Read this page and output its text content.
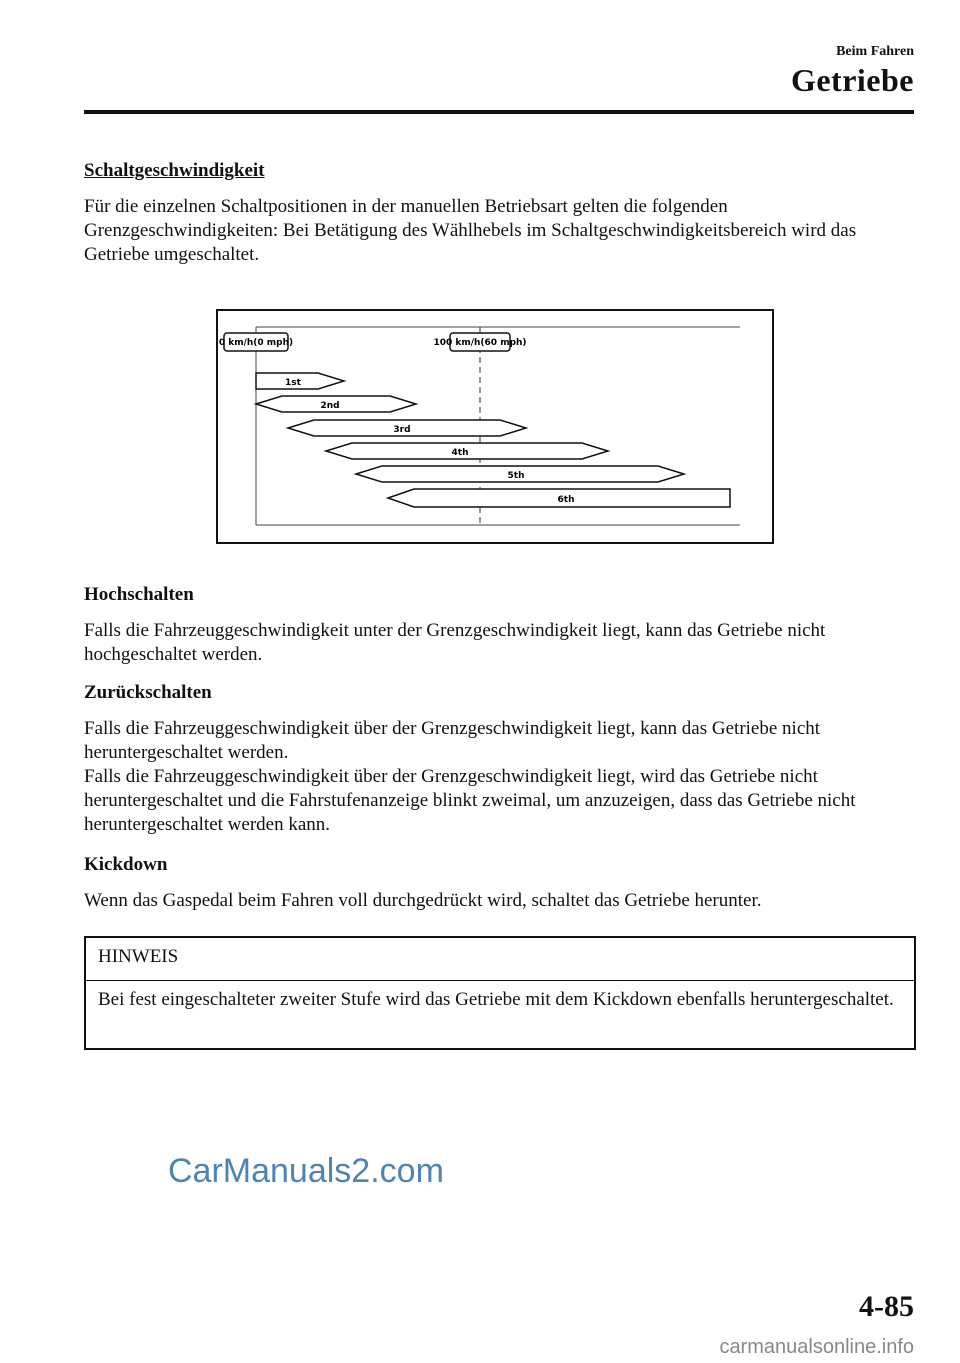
Beim Fahren
Getriebe
Schaltgeschwindigkeit
Für die einzelnen Schaltpositionen in der manuellen Betriebsart gelten die folgenden Grenzgeschwindigkeiten: Bei Betätigung des Wählhebels im Schaltgeschwindigkeitsbereich wird das Getriebe umgeschaltet.
0 km/h(0 mph)	100 km/h(60 mph)
1st
2nd
3rd
4th
5th
6th
Hochschalten
Falls die Fahrzeuggeschwindigkeit unter der Grenzgeschwindigkeit liegt, kann das Getriebe nicht hochgeschaltet werden.
Zurückschalten
Falls die Fahrzeuggeschwindigkeit über der Grenzgeschwindigkeit liegt, kann das Getriebe nicht heruntergeschaltet werden.
Falls die Fahrzeuggeschwindigkeit über der Grenzgeschwindigkeit liegt, wird das Getriebe nicht heruntergeschaltet und die Fahrstufenanzeige blinkt zweimal, um anzuzeigen, dass das Getriebe nicht heruntergeschaltet werden kann.
Kickdown
Wenn das Gaspedal beim Fahren voll durchgedrückt wird, schaltet das Getriebe herunter.
HINWEIS
Bei fest eingeschalteter zweiter Stufe wird das Getriebe mit dem Kickdown ebenfalls heruntergeschaltet.
CarManuals2.com
4-85
carmanualsonline.info
